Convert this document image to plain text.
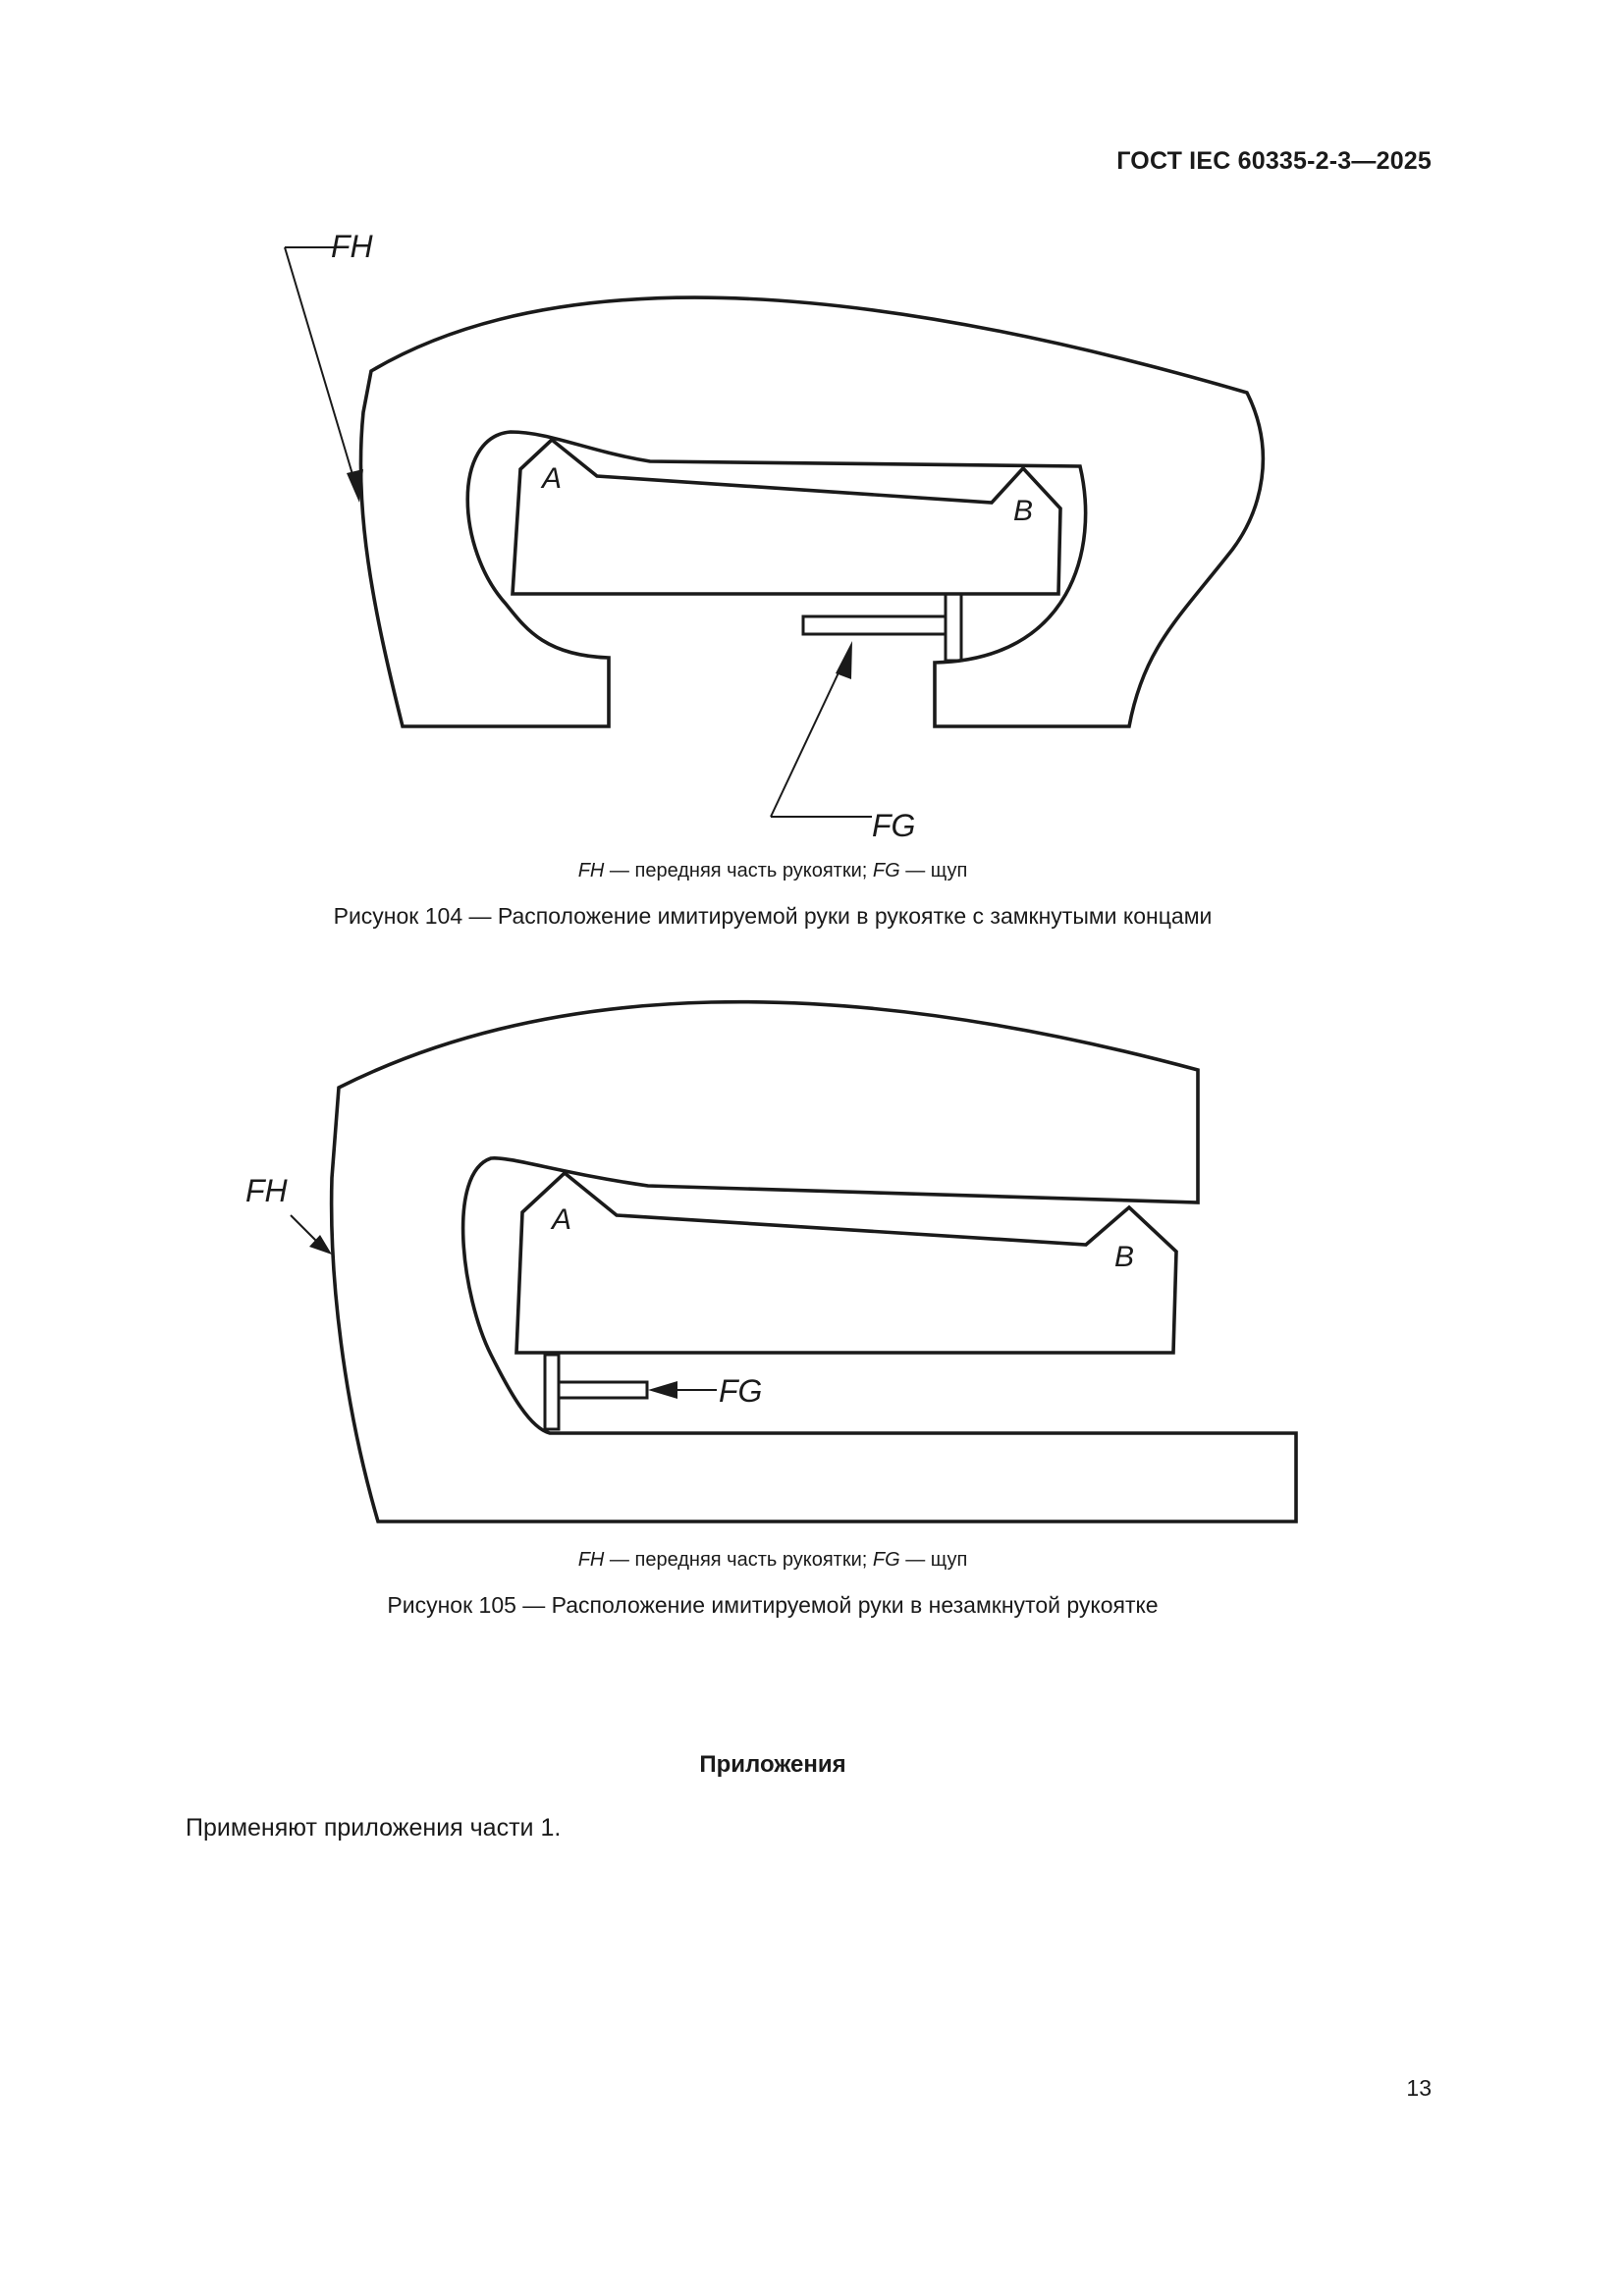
ГОСТ IEC 60335-2-3—2025
FH
FG
A
B
FH — передняя часть рукоятки; FG — щуп
Рисунок 104 — Расположение имитируемой руки в рукоятке с замкнутыми концами
FG
FH
A
B
FH — передняя часть рукоятки; FG — щуп
Рисунок 105 — Расположение имитируемой руки в незамкнутой рукоятке
Приложения
Применяют приложения части 1.
13
